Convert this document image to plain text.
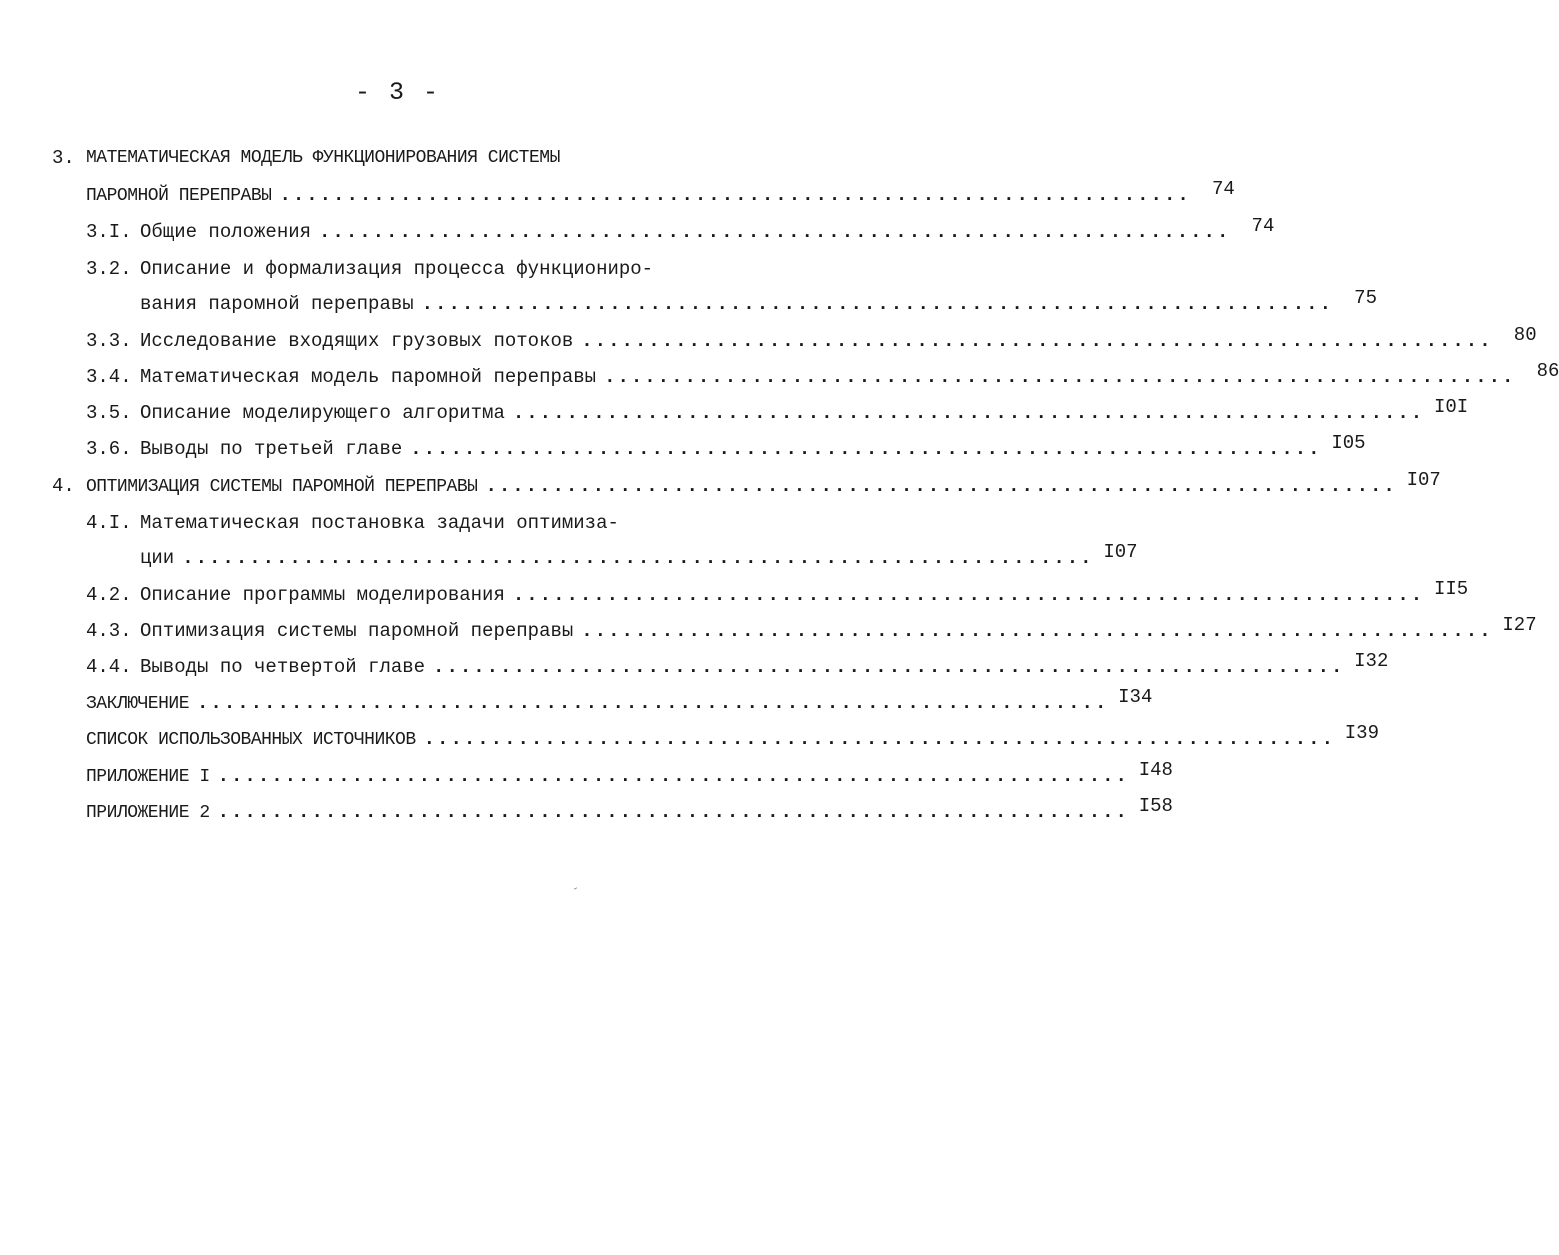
- 3 -
3. МАТЕМАТИЧЕСКАЯ МОДЕЛЬ ФУНКЦИОНИРОВАНИЯ СИСТЕМЫ
ПАРОМНОЙ ПЕРЕПРАВЫ ....................................................................	74
3.I. Общие положения ....................................................................	74
3.2. Описание и формализация процесса функциониро-
вания паромной переправы ....................................................................	75
3.3. Исследование входящих грузовых потоков ....................................................................	80
3.4. Математическая модель паромной переправы ....................................................................	86
3.5. Описание моделирующего алгоритма .................................................................... I0I
3.6. Выводы по третьей главе .................................................................... I05
4. ОПТИМИЗАЦИЯ СИСТЕМЫ ПАРОМНОЙ ПЕРЕПРАВЫ .................................................................... I07
4.I. Математическая постановка задачи оптимиза-
ции .................................................................... I07
4.2. Описание программы моделирования .................................................................... II5
4.3. Оптимизация системы паромной переправы .................................................................... I27
4.4. Выводы по четвертой главе .................................................................... I32
ЗАКЛЮЧЕНИЕ .................................................................... I34
СПИСОК ИСПОЛЬЗОВАННЫХ ИСТОЧНИКОВ .................................................................... I39
ПРИЛОЖЕНИЕ I .................................................................... I48
ПРИЛОЖЕНИЕ 2 .................................................................... I58
